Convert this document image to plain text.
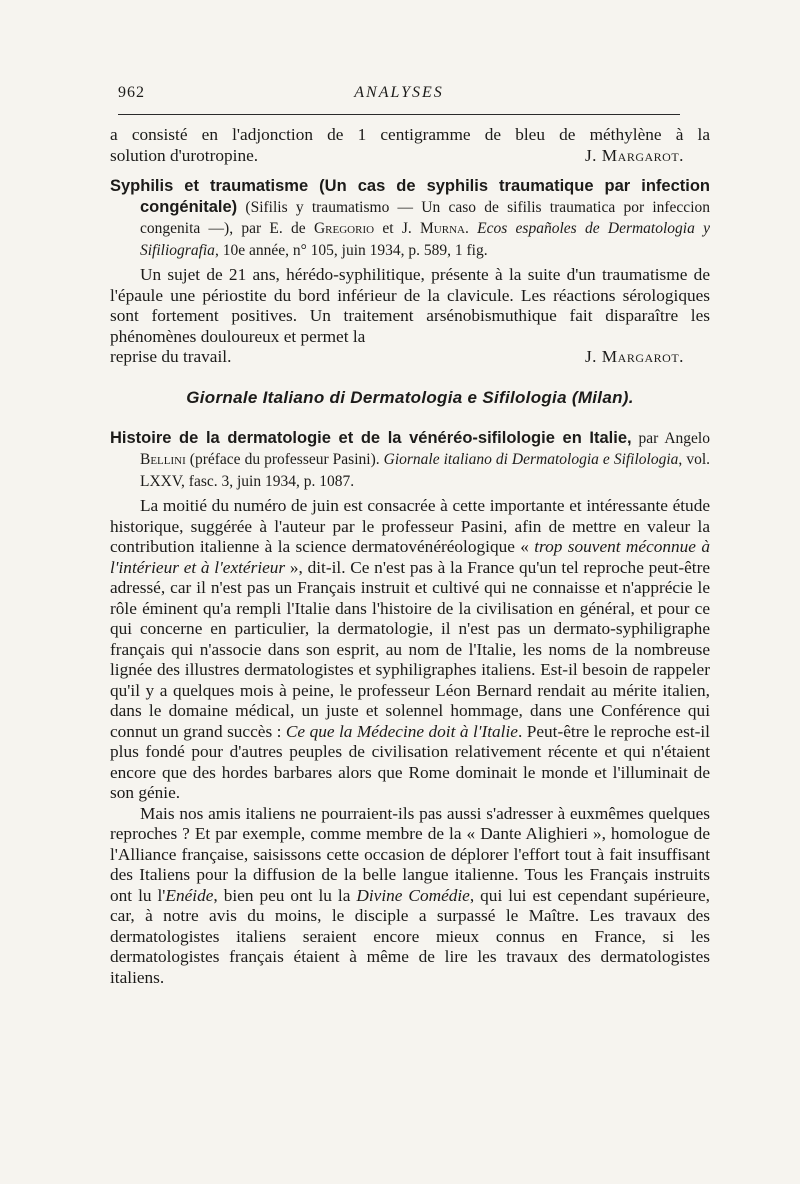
962	ANALYSES

a consisté en l'adjonction de 1 centigramme de bleu de méthylène à la

solution d'urotropine.	J. Margarot.

Syphilis et traumatisme (Un cas de syphilis traumatique par infection congénitale) (Sifilis y traumatismo — Un caso de sifilis traumatica por infeccion congenita —), par E. de Gregorio et J. Murna. Ecos españoles de Dermatologia y Sifiliografia, 10e année, n° 105, juin 1934, p. 589, 1 fig.

Un sujet de 21 ans, hérédo-syphilitique, présente à la suite d'un traumatisme de l'épaule une périostite du bord inférieur de la clavicule. Les réactions sérologiques sont fortement positives. Un traitement arsénobismuthique fait disparaître les phénomènes douloureux et permet la

reprise du travail.	J. Margarot.

Giornale Italiano di Dermatologia e Sifilologia (Milan).

Histoire de la dermatologie et de la vénéréo-sifilologie en Italie, par Angelo Bellini (préface du professeur Pasini). Giornale italiano di Dermatologia e Sifilologia, vol. LXXV, fasc. 3, juin 1934, p. 1087.

La moitié du numéro de juin est consacrée à cette importante et intéressante étude historique, suggérée à l'auteur par le professeur Pasini, afin de mettre en valeur la contribution italienne à la science dermatovénéréologique « trop souvent méconnue à l'intérieur et à l'extérieur », dit-il. Ce n'est pas à la France qu'un tel reproche peut-être adressé, car il n'est pas un Français instruit et cultivé qui ne connaisse et n'apprécie le rôle éminent qu'a rempli l'Italie dans l'histoire de la civilisation en général, et pour ce qui concerne en particulier, la dermatologie, il n'est pas un dermato-syphiligraphe français qui n'associe dans son esprit, au nom de l'Italie, les noms de la nombreuse lignée des illustres dermatologistes et syphiligraphes italiens. Est-il besoin de rappeler qu'il y a quelques mois à peine, le professeur Léon Bernard rendait au mérite italien, dans le domaine médical, un juste et solennel hommage, dans une Conférence qui connut un grand succès : Ce que la Médecine doit à l'Italie. Peut-être le reproche est-il plus fondé pour d'autres peuples de civilisation relativement récente et qui n'étaient encore que des hordes barbares alors que Rome dominait le monde et l'illuminait de son génie.

Mais nos amis italiens ne pourraient-ils pas aussi s'adresser à euxmêmes quelques reproches ? Et par exemple, comme membre de la « Dante Alighieri », homologue de l'Alliance française, saisissons cette occasion de déplorer l'effort tout à fait insuffisant des Italiens pour la diffusion de la belle langue italienne. Tous les Français instruits ont lu l'Enéide, bien peu ont lu la Divine Comédie, qui lui est cependant supérieure, car, à notre avis du moins, le disciple a surpassé le Maître. Les travaux des dermatologistes italiens seraient encore mieux connus en France, si les dermatologistes français étaient à même de lire les travaux des dermatologistes italiens.
